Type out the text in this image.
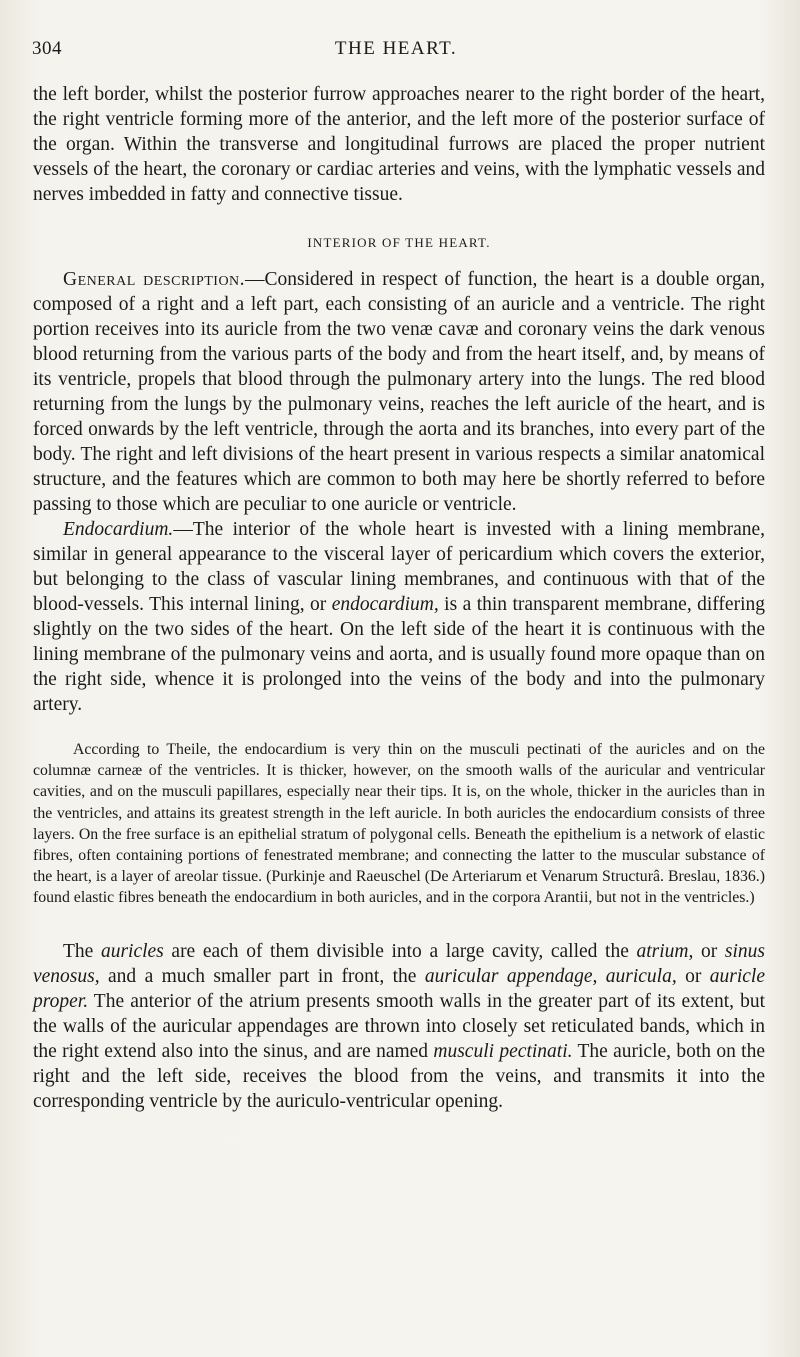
304	THE HEART.

the left border, whilst the posterior furrow approaches nearer to the right border of the heart, the right ventricle forming more of the anterior, and the left more of the posterior surface of the organ. Within the transverse and longitudinal furrows are placed the proper nutrient vessels of the heart, the coronary or cardiac arteries and veins, with the lymphatic vessels and nerves imbedded in fatty and connective tissue.

INTERIOR OF THE HEART.

General description.—Considered in respect of function, the heart is a double organ, composed of a right and a left part, each consisting of an auricle and a ventricle. The right portion receives into its auricle from the two venæ cavæ and coronary veins the dark venous blood returning from the various parts of the body and from the heart itself, and, by means of its ventricle, propels that blood through the pulmonary artery into the lungs. The red blood returning from the lungs by the pulmonary veins, reaches the left auricle of the heart, and is forced onwards by the left ventricle, through the aorta and its branches, into every part of the body. The right and left divisions of the heart present in various respects a similar anatomical structure, and the features which are common to both may here be shortly referred to before passing to those which are peculiar to one auricle or ventricle.

Endocardium.—The interior of the whole heart is invested with a lining membrane, similar in general appearance to the visceral layer of pericardium which covers the exterior, but belonging to the class of vascular lining membranes, and continuous with that of the blood-vessels. This internal lining, or endocardium, is a thin transparent membrane, differing slightly on the two sides of the heart. On the left side of the heart it is continuous with the lining membrane of the pulmonary veins and aorta, and is usually found more opaque than on the right side, whence it is prolonged into the veins of the body and into the pulmonary artery.

According to Theile, the endocardium is very thin on the musculi pectinati of the auricles and on the columnæ carneæ of the ventricles. It is thicker, however, on the smooth walls of the auricular and ventricular cavities, and on the musculi papillares, especially near their tips. It is, on the whole, thicker in the auricles than in the ventricles, and attains its greatest strength in the left auricle. In both auricles the endocardium consists of three layers. On the free surface is an epithelial stratum of polygonal cells. Beneath the epithelium is a network of elastic fibres, often containing portions of fenestrated membrane; and connecting the latter to the muscular substance of the heart, is a layer of areolar tissue. (Purkinje and Raeuschel (De Arteriarum et Venarum Structurâ. Breslau, 1836.) found elastic fibres beneath the endocardium in both auricles, and in the corpora Arantii, but not in the ventricles.)

The auricles are each of them divisible into a large cavity, called the atrium, or sinus venosus, and a much smaller part in front, the auricular appendage, auricula, or auricle proper. The anterior of the atrium presents smooth walls in the greater part of its extent, but the walls of the auricular appendages are thrown into closely set reticulated bands, which in the right extend also into the sinus, and are named musculi pectinati. The auricle, both on the right and the left side, receives the blood from the veins, and transmits it into the corresponding ventricle by the auriculo-ventricular opening.
